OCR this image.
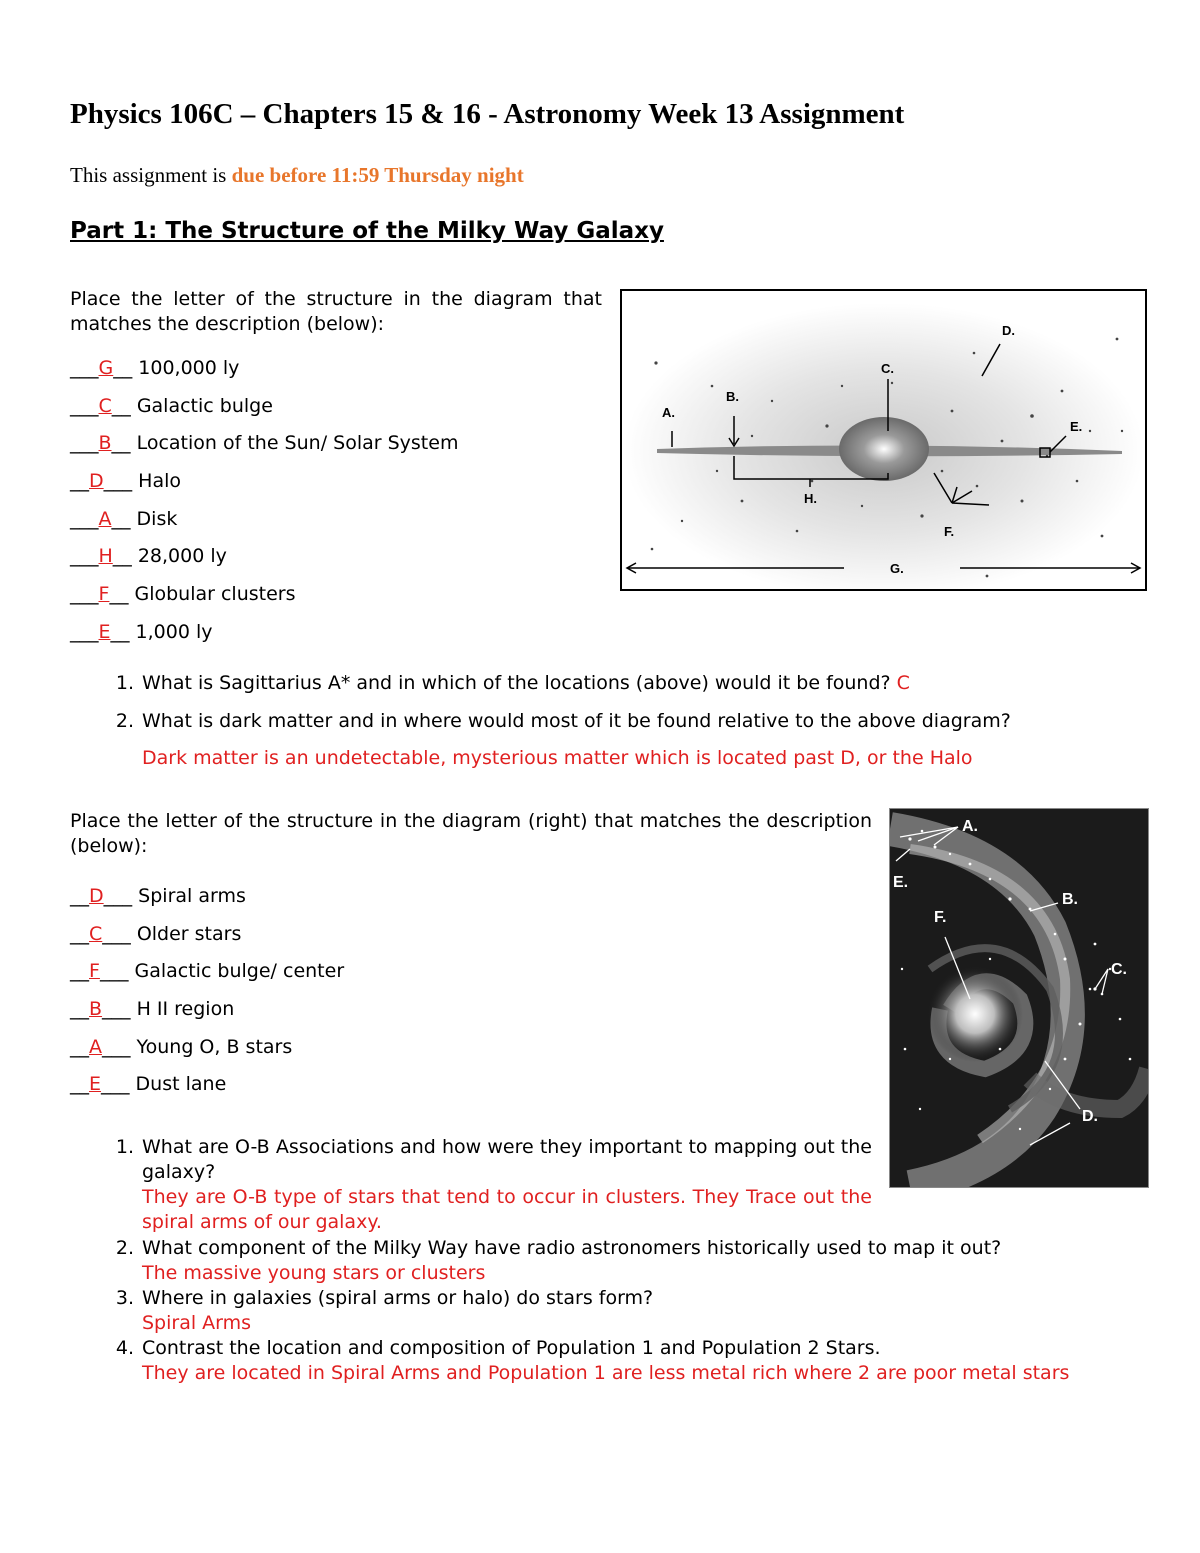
Physics 106C – Chapters 15 & 16 - Astronomy Week 13 Assignment
This assignment is due before 11:59 Thursday night
Part 1: The Structure of the Milky Way Galaxy
Place the letter of the structure in the diagram that matches the description (below):
___G__ 100,000 ly
___C__ Galactic bulge
___B__ Location of the Sun/ Solar System
__D___ Halo
___A__ Disk
___H__ 28,000 ly
___F__ Globular clusters
___E__ 1,000 ly
A.
B.
C.
D.
E.
F.
G.
H.
1. What is Sagittarius A* and in which of the locations (above) would it be found? C
2. What is dark matter and in where would most of it be found relative to the above diagram?
Dark matter is an undetectable, mysterious matter which is located past D, or the Halo
Place the letter of the structure in the diagram (right) that matches the description (below):
__D___ Spiral arms
__C___ Older stars
__F___ Galactic bulge/ center
__B___ H II region
__A___ Young O, B stars
__E___ Dust lane
A.
B.
C.
D.
E.
F.
1. What are O-B Associations and how were they important to mapping out the galaxy?
They are O-B type of stars that tend to occur in clusters. They Trace out the spiral arms of our galaxy.
2. What component of the Milky Way have radio astronomers historically used to map it out?
The massive young stars or clusters
3. Where in galaxies (spiral arms or halo) do stars form?
Spiral Arms
4. Contrast the location and composition of Population 1 and Population 2 Stars.
They are located in Spiral Arms and Population 1 are less metal rich where 2 are poor metal stars
